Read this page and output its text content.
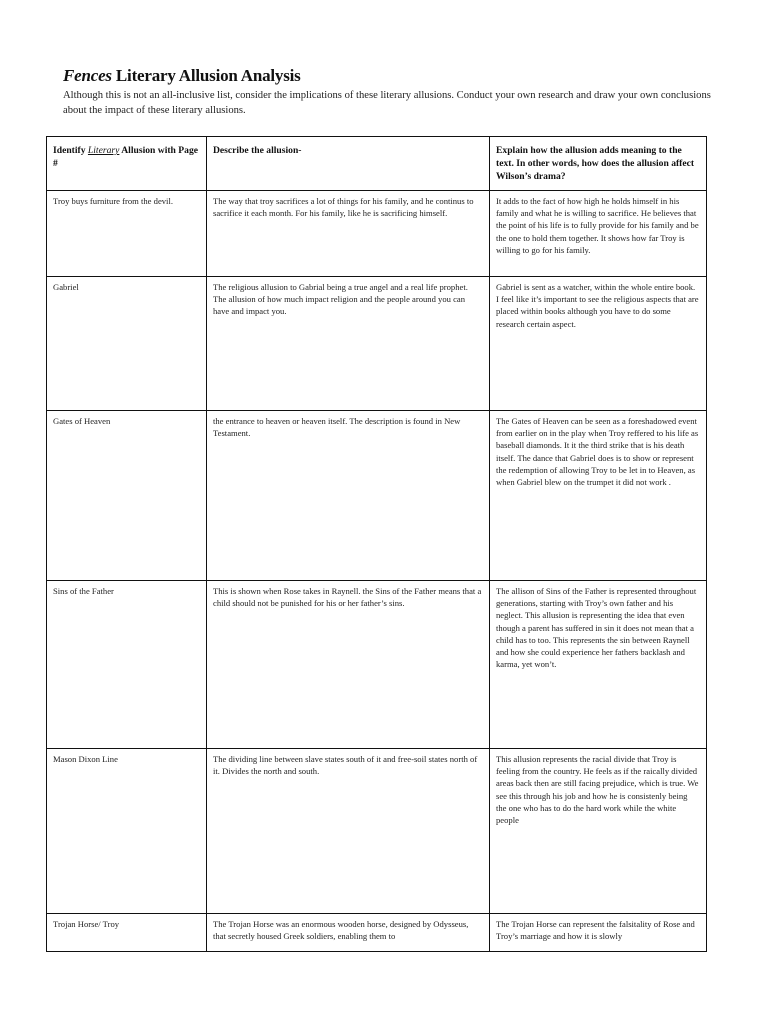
Fences Literary Allusion Analysis
Although this is not an all-inclusive list, consider the implications of these literary allusions. Conduct your own research and draw your own conclusions about the impact of these literary allusions.
Identify Literary Allusion with Page #	Describe the allusion-	Explain how the allusion adds meaning to the text. In other words, how does the allusion affect Wilson’s drama?
Troy buys furniture from the devil.	The way that troy sacrifices a lot of things for his family, and he continus to sacrifice it each month. For his family, like he is sacrificing himself.	It adds to the fact of how high he holds himself in his family and what he is willing to sacrifice. He believes that the point of his life is to fully provide for his family and be the one to hold them together. It shows how far Troy is willing to go for his family.
Gabriel	The religious allusion to Gabrial being a true angel and a real life prophet. The allusion of how much impact religion and the people around you can have and impact you.	Gabriel is sent as a watcher, within the whole entire book. I feel like it’s important to see the religious aspects that are placed within books although you have to do some research certain aspect.
Gates of Heaven	the entrance to heaven or heaven itself. The description is found in New Testament.	The Gates of Heaven can be seen as a foreshadowed event from earlier on in the play when Troy reffered to his life as baseball diamonds. It it the third strike that is his death itself. The dance that Gabriel does is to show or represent the redemption of allowing Troy to be let in to Heaven, as when Gabriel blew on the trumpet it did not work .
Sins of the Father	This is shown when Rose takes in Raynell. the Sins of the Father means that a child should not be punished for his or her father’s sins.	The allison of Sins of the Father is represented throughout generations, starting with Troy’s own father and his neglect. This allusion is representing the idea that even though a parent has suffered in sin it does not mean that a child has to too. This represents the sin between Raynell and how she could experience her fathers backlash and karma, yet won’t.
Mason Dixon Line	The dividing line between slave states south of it and free-soil states north of it. Divides the north and south.	This allusion represents the racial divide that Troy is feeling from the country. He feels as if the raically divided areas back then are still facing prejudice, which is true. We see this through his job and how he is consistenly being the one who has to do the hard work while the white people
Trojan Horse/ Troy	The Trojan Horse was an enormous wooden horse, designed by Odysseus, that secretly housed Greek soldiers, enabling them to	The Trojan Horse can represent the falsitality of Rose and Troy’s marriage and how it is slowly
